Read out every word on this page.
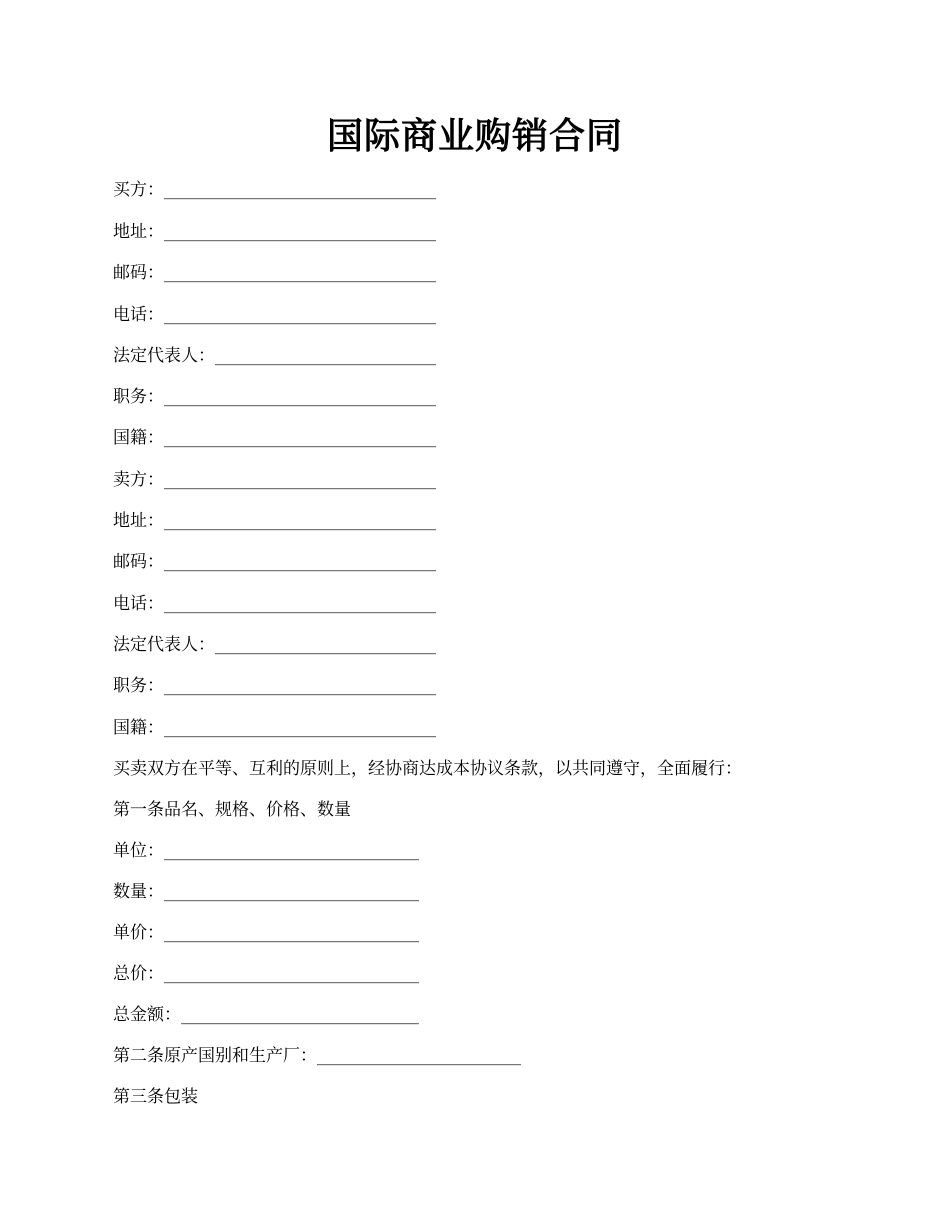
国际商业购销合同
买方：________________________________
地址：________________________________
邮码：________________________________
电话：________________________________
法定代表人：__________________________
职务：________________________________
国籍：________________________________
卖方：________________________________
地址：________________________________
邮码：________________________________
电话：________________________________
法定代表人：__________________________
职务：________________________________
国籍：________________________________
买卖双方在平等、互利的原则上，经协商达成本协议条款，以共同遵守，全面履行：
第一条品名、规格、价格、数量
单位：______________________________
数量：______________________________
单价：______________________________
总价：______________________________
总金额：____________________________
第二条原产国别和生产厂：________________________
第三条包装
